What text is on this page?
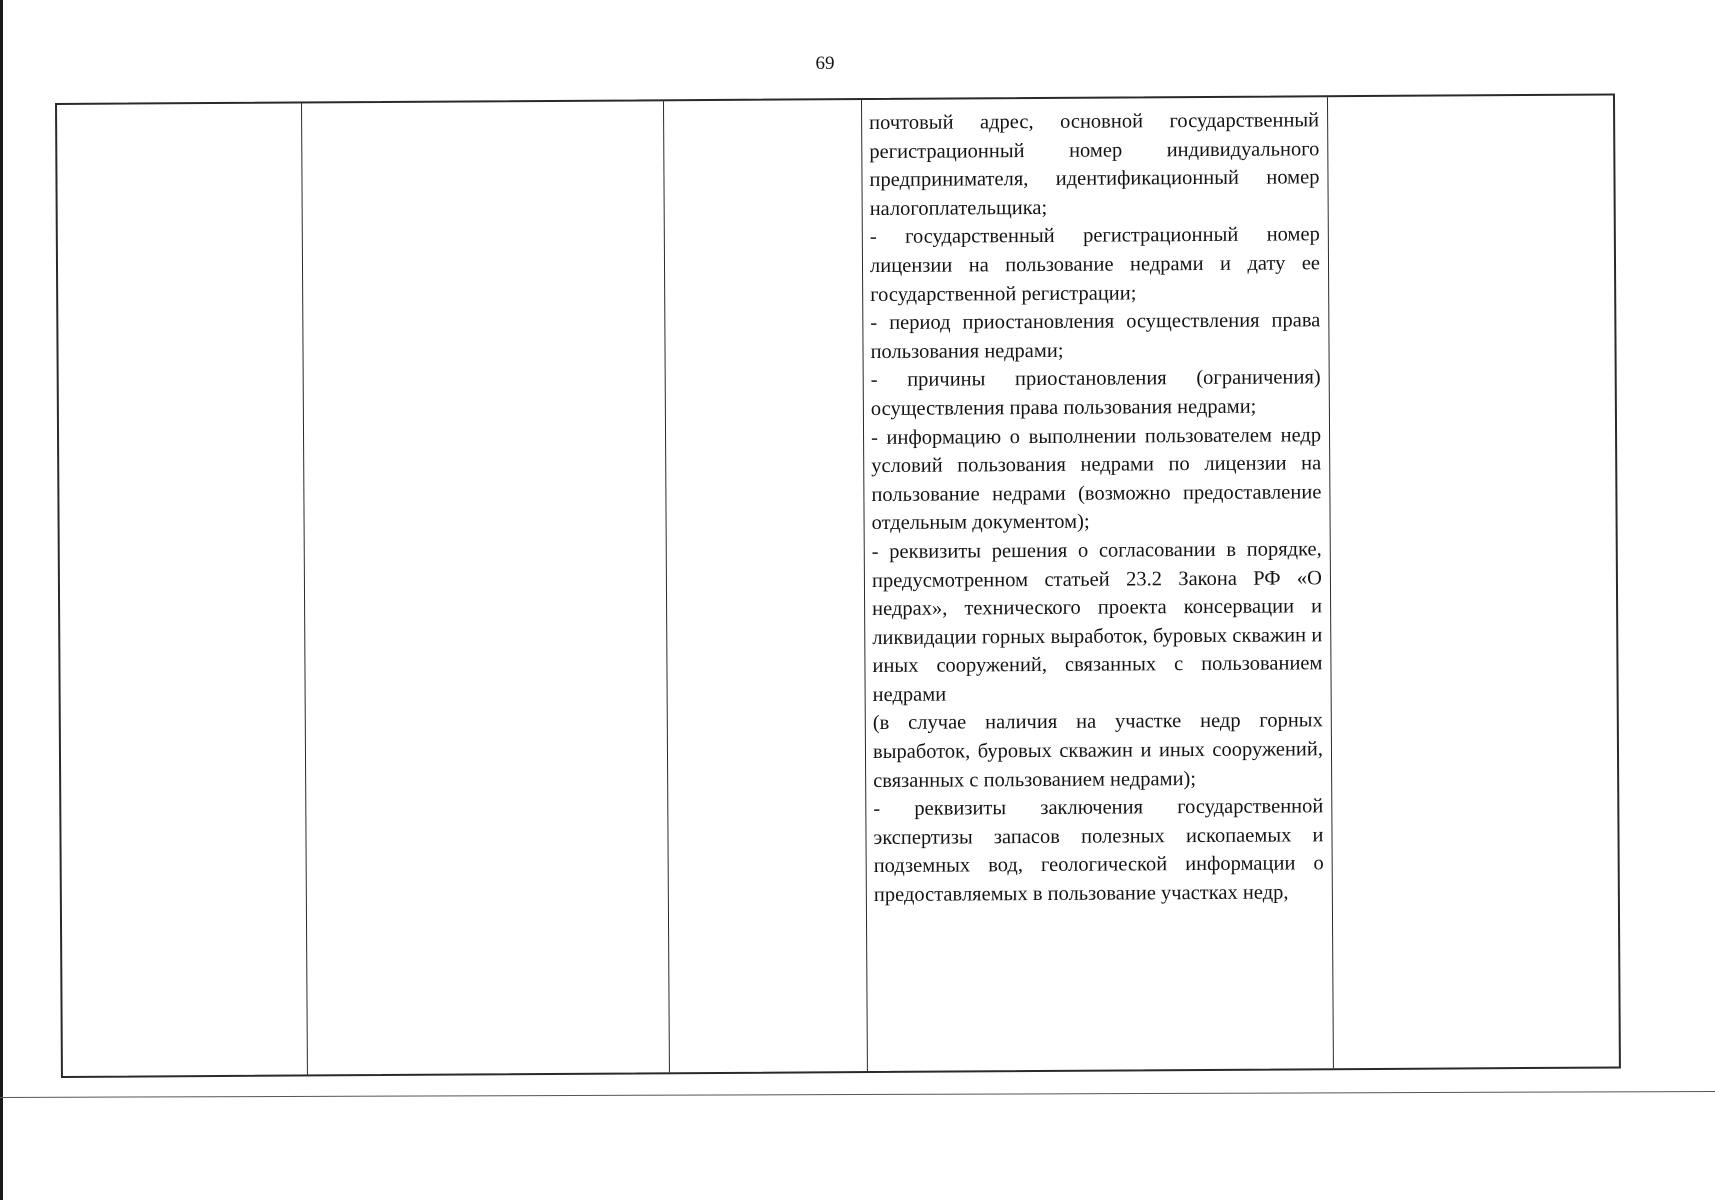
69

почтовый адрес, основной государственный регистрационный номер индивидуального предпринимателя, идентификационный номер налогоплательщика;

- государственный регистрационный номер лицензии на пользование недрами и дату ее государственной регистрации;

- период приостановления осуществления права пользования недрами;

- причины приостановления (ограничения) осуществления права пользования недрами;

- информацию о выполнении пользователем недр условий пользования недрами по лицензии на пользование недрами (возможно предоставление отдельным документом);

- реквизиты решения о согласовании в порядке, предусмотренном статьей 23.2 Закона РФ «О недрах», технического проекта консервации и ликвидации горных выработок, буровых скважин и иных сооружений, связанных с пользованием недрами

(в случае наличия на участке недр горных выработок, буровых скважин и иных сооружений, связанных с пользованием недрами);

- реквизиты заключения государственной экспертизы запасов полезных ископаемых и подземных вод, геологической информации о предоставляемых в пользование участках недр,
